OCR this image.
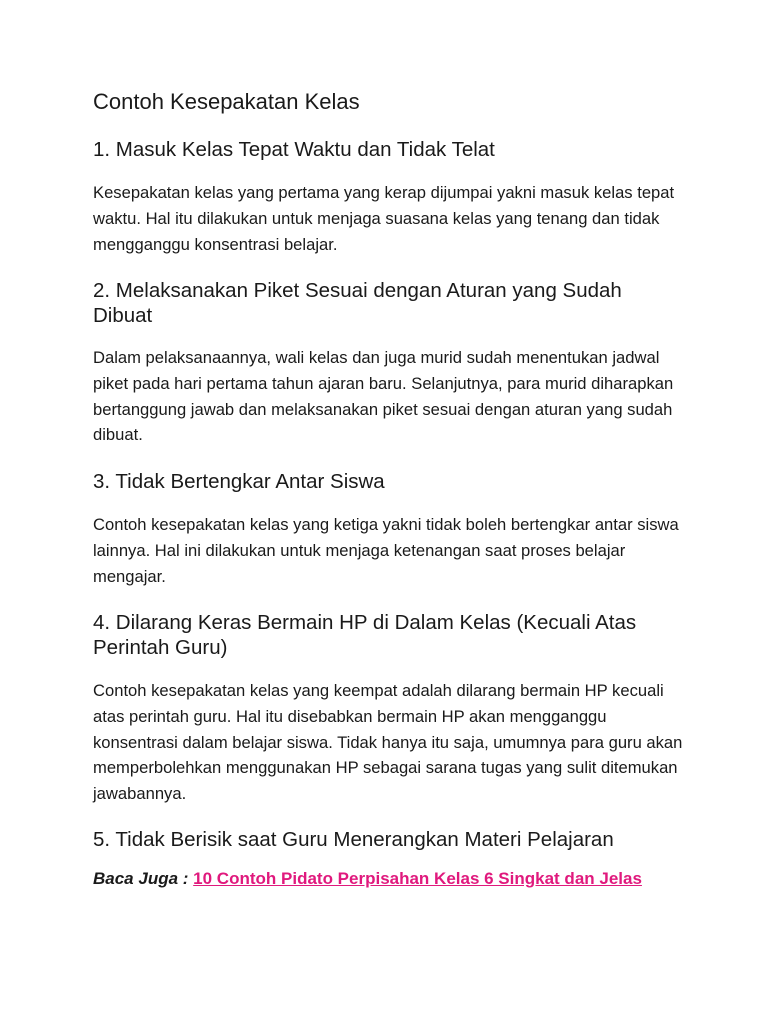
Contoh Kesepakatan Kelas
1. Masuk Kelas Tepat Waktu dan Tidak Telat

Kesepakatan kelas yang pertama yang kerap dijumpai yakni masuk kelas tepat waktu. Hal itu dilakukan untuk menjaga suasana kelas yang tenang dan tidak mengganggu konsentrasi belajar.

2. Melaksanakan Piket Sesuai dengan Aturan yang Sudah Dibuat

Dalam pelaksanaannya, wali kelas dan juga murid sudah menentukan jadwal piket pada hari pertama tahun ajaran baru. Selanjutnya, para murid diharapkan bertanggung jawab dan melaksanakan piket sesuai dengan aturan yang sudah dibuat.

3. Tidak Bertengkar Antar Siswa

Contoh kesepakatan kelas yang ketiga yakni tidak boleh bertengkar antar siswa lainnya. Hal ini dilakukan untuk menjaga ketenangan saat proses belajar mengajar.

4. Dilarang Keras Bermain HP di Dalam Kelas (Kecuali Atas Perintah Guru)

Contoh kesepakatan kelas yang keempat adalah dilarang bermain HP kecuali atas perintah guru. Hal itu disebabkan bermain HP akan mengganggu konsentrasi dalam belajar siswa. Tidak hanya itu saja, umumnya para guru akan memperbolehkan menggunakan HP sebagai sarana tugas yang sulit ditemukan jawabannya.

5. Tidak Berisik saat Guru Menerangkan Materi Pelajaran

Baca Juga : 10 Contoh Pidato Perpisahan Kelas 6 Singkat dan Jelas
